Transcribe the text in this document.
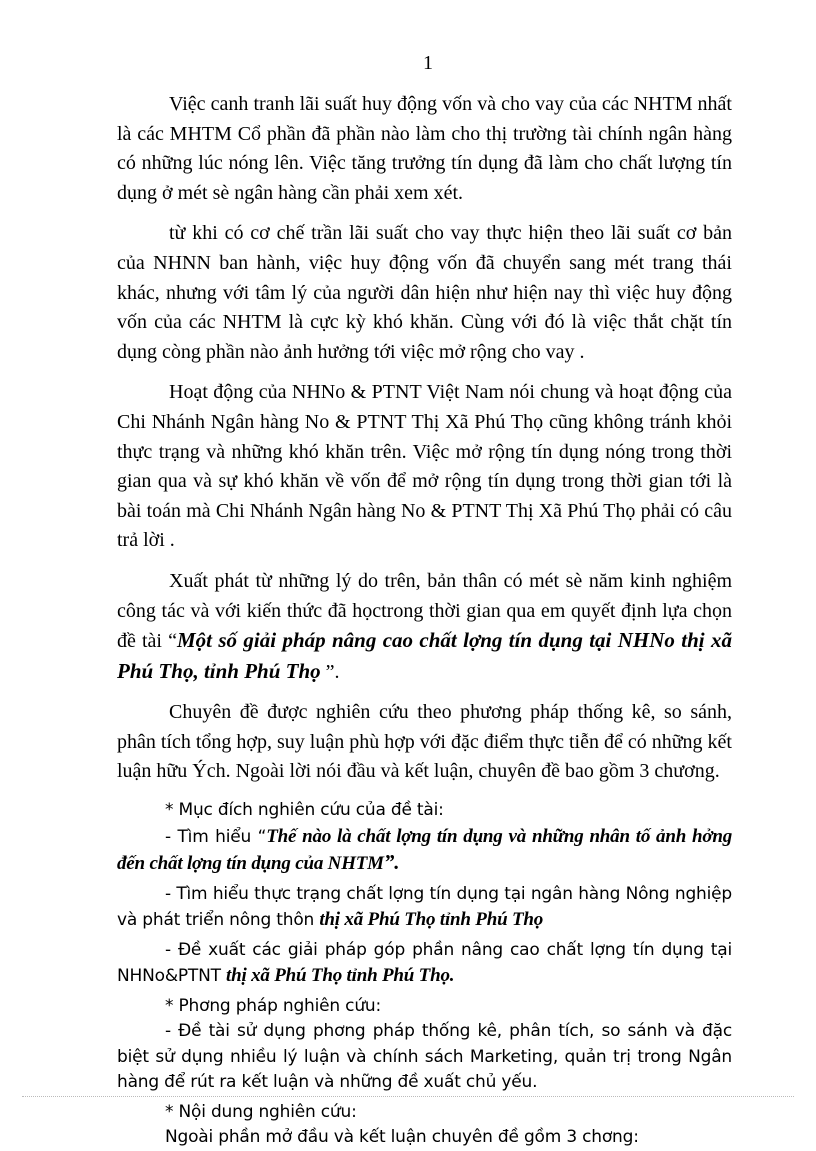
1

Việc canh tranh lãi suất huy động vốn và cho vay của các NHTM nhất là các MHTM Cổ phần đã phần nào làm cho thị trường tài chính ngân hàng có những lúc nóng lên. Việc tăng trưởng tín dụng đã làm cho chất lượng tín dụng ở mét sè ngân hàng cần phải xem xét.

từ khi có cơ chế trần lãi suất cho vay thực hiện theo lãi suất cơ bản của NHNN ban hành, việc huy động vốn đã chuyển sang mét trang thái khác, nhưng với tâm lý của người dân hiện như hiện nay thì việc huy động vốn của các NHTM là cực kỳ khó khăn. Cùng với đó là việc thắt chặt tín dụng còng phần nào ảnh hưởng tới việc mở rộng cho vay .

Hoạt động của NHNo & PTNT Việt Nam nói chung và hoạt động của Chi Nhánh Ngân hàng No & PTNT Thị Xã Phú Thọ cũng không tránh khỏi thực trạng và những khó khăn trên. Việc mở rộng tín dụng nóng trong thời gian qua và sự khó khăn về vốn để mở rộng tín dụng trong thời gian tới là bài toán mà Chi Nhánh Ngân hàng No & PTNT Thị Xã Phú Thọ phải có câu trả lời .

Xuất phát từ những lý do trên, bản thân có mét sè năm kinh nghiệm công tác và với kiến thức đã họctrong thời gian qua em quyết định lựa chọn đề tài “Một số giải pháp nâng cao chất lợng tín dụng tại NHNo thị xã Phú Thọ, tỉnh Phú Thọ ”.

Chuyên đề được nghiên cứu theo phương pháp thống kê, so sánh, phân tích tổng hợp, suy luận phù hợp với đặc điểm thực tiễn để có những kết luận hữu Ých. Ngoài lời nói đầu và kết luận, chuyên đề bao gồm 3 chương.

* Mục đích nghiên cứu của đề tài:

- Tìm hiểu “Thế nào là chất lợng tín dụng và những nhân tố ảnh hởng đến chất lợng tín dụng của NHTM”.

- Tìm hiểu thực trạng chất lợng tín dụng tại ngân hàng Nông nghiệp và phát triển nông thôn thị xã Phú Thọ tỉnh Phú Thọ

- Đề xuất các giải pháp góp phần nâng cao chất lợng tín dụng tại NHNo&PTNT thị xã Phú Thọ tỉnh Phú Thọ.

* Phơng pháp nghiên cứu:

- Đề tài sử dụng phơng pháp thống kê, phân tích, so sánh và đặc biệt sử dụng nhiều lý luận và chính sách Marketing, quản trị trong Ngân hàng để rút ra kết luận và những đề xuất chủ yếu.

* Nội dung nghiên cứu:

Ngoài phần mở đầu và kết luận chuyên đề gồm 3 chơng:
